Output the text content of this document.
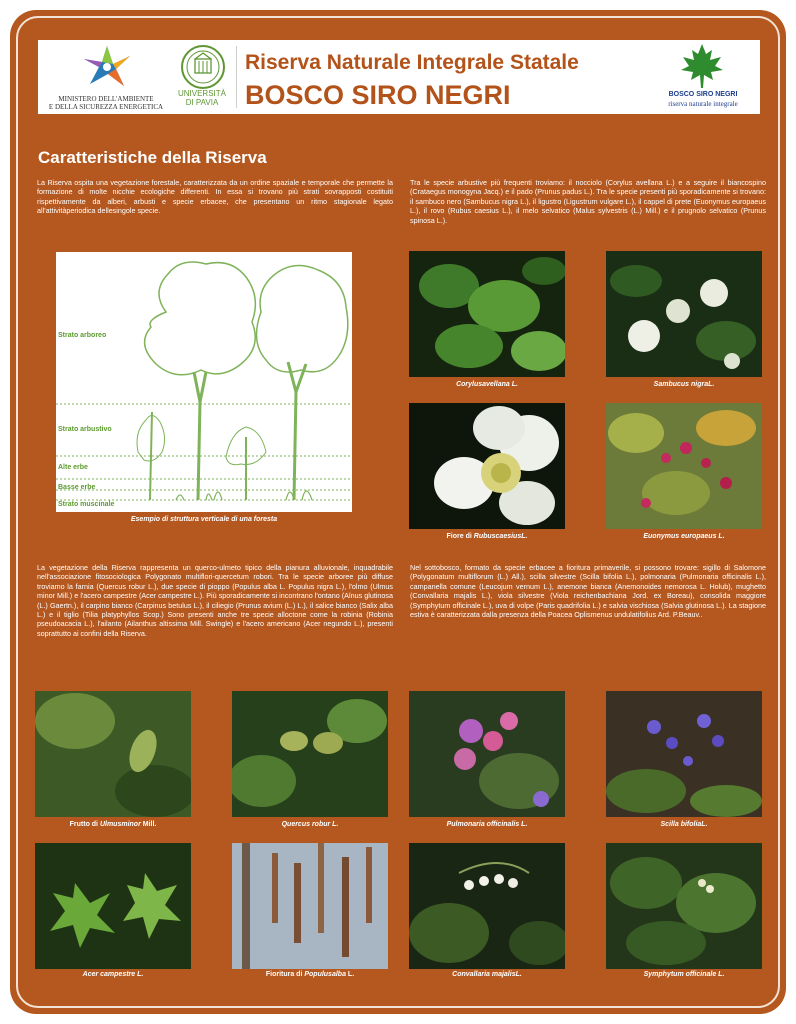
MINISTERO DELL'AMBIENTE
E DELLA SICUREZZA ENERGETICA
UNIVERSITÀ
DI PAVIA
Riserva Naturale Integrale Statale
BOSCO SIRO NEGRI	BOSCO SIRO NEGRI
riserva naturale integrale
Caratteristiche della Riserva
La Riserva ospita una vegetazione forestale, caratterizzata da un ordine spaziale e temporale che permette la formazione di molte nicchie ecologiche differenti. In essa si trovano più strati sovrapposti costituiti rispettivamente da alberi, arbusti e specie erbacee, che presentano un ritmo stagionale legato all'attivitàperiodica dellesingole specie.
Tra le specie arbustive più frequenti troviamo: il nocciolo (Corylus avellana L.) e a seguire il biancospino (Crataegus monogyna Jacq.) e il pado (Prunus padus L.). Tra le specie presenti più sporadicamente si trovano: il sambuco nero (Sambucus nigra L.), il ligustro (Ligustrum vulgare L.), il cappel di prete (Euonymus europaeus L.), il rovo (Rubus caesius L.), il melo selvatico (Malus sylvestris (L.) Mill.) e il prugnolo selvatico (Prunus spinosa L.).
Strato arboreo
Strato arbustivo
Alte erbe
Basse erbe
Strato muscinale
Esempio di struttura verticale di una foresta
Corylusavellana L.	Sambucus nigraL.
Fiore di RubuscaesiusL.	Euonymus europaeus L.
La vegetazione della Riserva rappresenta un querco-ulmeto tipico della pianura alluvionale, inquadrabile nell'associazione fitosociologica Polygonato multiflori-quercetum robori. Tra le specie arboree più diffuse troviamo la farnia (Quercus robur L.), due specie di pioppo (Populus alba L. Populus nigra L.), l'olmo (Ulmus minor Mill.) e l'acero campestre (Acer campestre L.). Più sporadicamente si incontrano l'ontano (Alnus glutinosa (L.) Gaertn.), il carpino bianco (Carpinus betulus L.), il ciliegio (Prunus avium (L.) L.), il salice bianco (Salix alba L.) e il tiglio (Tilia platyphyllos Scop.) Sono presenti anche tre specie alloctone come la robinia (Robinia pseudoacacia L.), l'ailanto (Ailanthus altissima Mill. Swingle) e l'acero americano (Acer negundo L.), presenti soprattutto ai confini della Riserva.
Nel sottobosco, formato da specie erbacee a fioritura primaverile, si possono trovare: sigillo di Salomone (Polygonatum multiflorum (L.) All.), scilla silvestre (Scilla bifolia L.), polmonaria (Pulmonaria officinalis L.), campanella comune (Leucojum vernum L.), anemone bianca (Anemonoides nemorosa L. Holub), mughetto (Convallaria majalis L.), viola silvestre (Viola reichenbachiana Jord. ex Boreau), consolida maggiore (Symphytum officinale L.), uva di volpe (Paris quadrifolia L.) e salvia vischiosa (Salvia glutinosa L.). La stagione estiva è caratterizzata dalla presenza della Poacea Oplismenus undulatifolius Ard. P.Beauv..
Frutto di Ulmusminor Mill.	Quercus robur L.	Pulmonaria officinalis L.	Scilla bifoliaL.
Acer campestre L.	Fioritura di Populusalba L.	Convallaria majalisL.	Symphytum officinale L.
